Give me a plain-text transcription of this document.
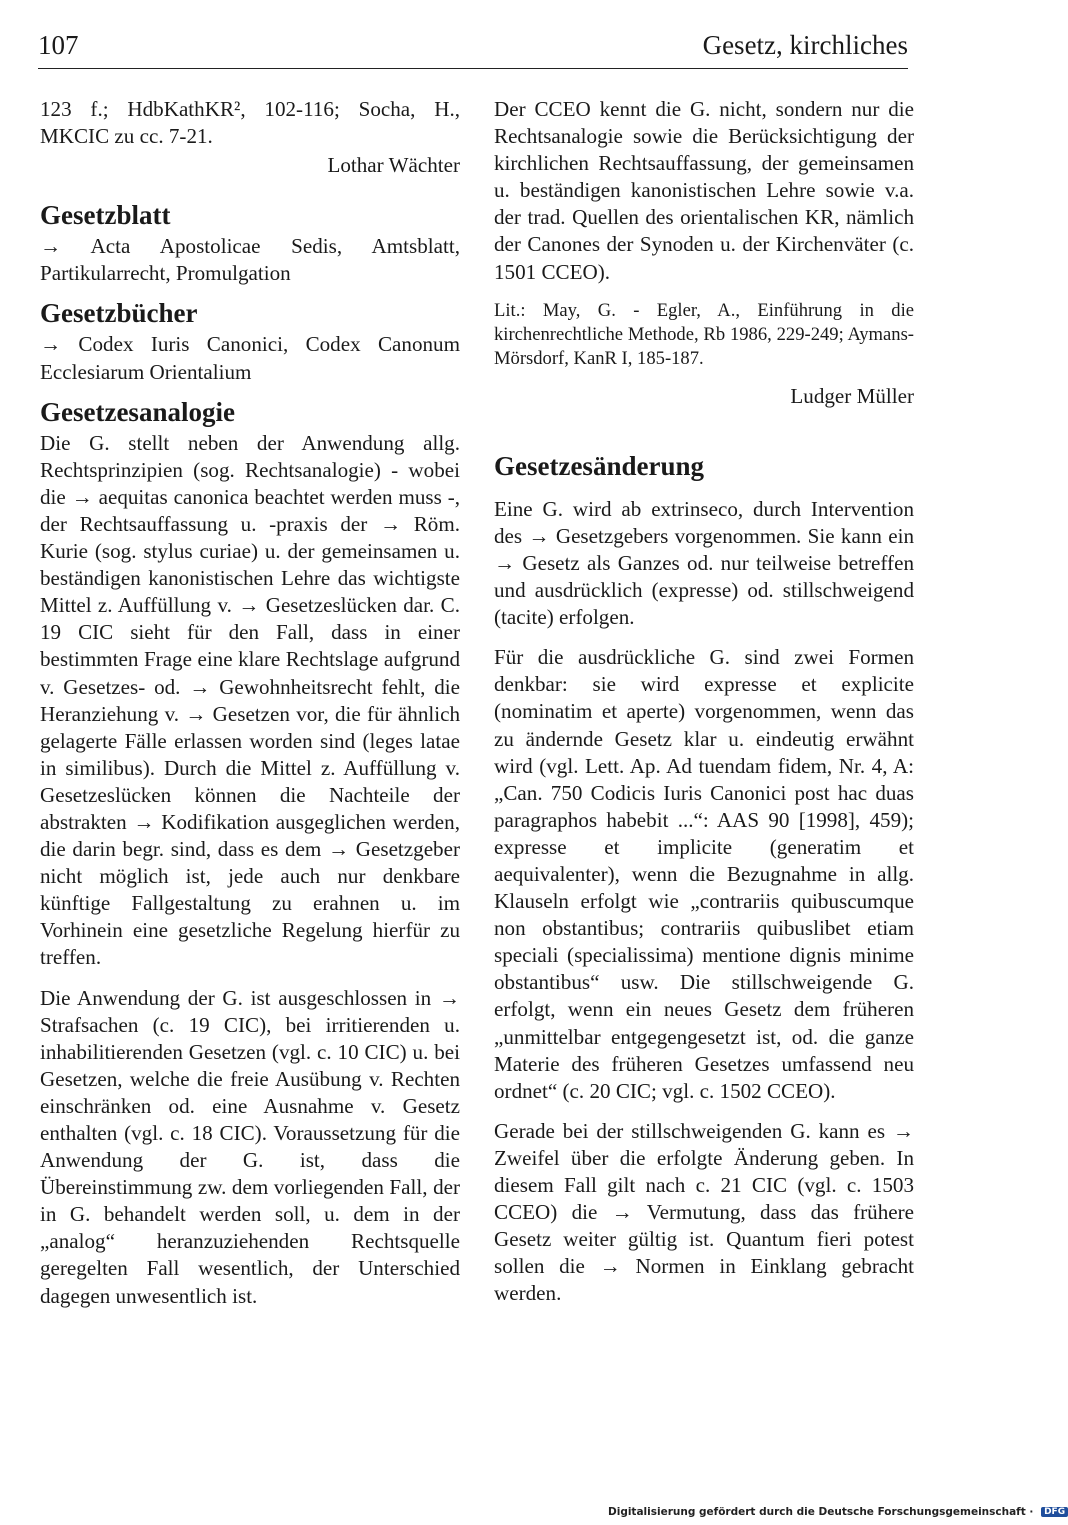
107	Gesetz, kirchliches

123 f.; HdbKathKR², 102-116; Socha, H., MKCIC zu cc. 7-21.

Lothar Wächter

Gesetzblatt

→ Acta Apostolicae Sedis, Amtsblatt, Partikularrecht, Promulgation

Gesetzbücher

→ Codex Iuris Canonici, Codex Canonum Ecclesiarum Orientalium

Gesetzesanalogie

Die G. stellt neben der Anwendung allg. Rechtsprinzipien (sog. Rechtsanalogie) - wobei die → aequitas canonica beachtet werden muss -, der Rechtsauffassung u. -praxis der → Röm. Kurie (sog. stylus curiae) u. der gemeinsamen u. beständigen kanonistischen Lehre das wichtigste Mittel z. Auffüllung v. → Gesetzeslücken dar. C. 19 CIC sieht für den Fall, dass in einer bestimmten Frage eine klare Rechtslage aufgrund v. Gesetzes- od. → Gewohnheitsrecht fehlt, die Heranziehung v. → Gesetzen vor, die für ähnlich gelagerte Fälle erlassen worden sind (leges latae in similibus). Durch die Mittel z. Auffüllung v. Gesetzeslücken können die Nachteile der abstrakten → Kodifikation ausgeglichen werden, die darin begr. sind, dass es dem → Gesetzgeber nicht möglich ist, jede auch nur denkbare künftige Fallgestaltung zu erahnen u. im Vorhinein eine gesetzliche Regelung hierfür zu treffen.

Die Anwendung der G. ist ausgeschlossen in → Strafsachen (c. 19 CIC), bei irritierenden u. inhabilitierenden Gesetzen (vgl. c. 10 CIC) u. bei Gesetzen, welche die freie Ausübung v. Rechten einschränken od. eine Ausnahme v. Gesetz enthalten (vgl. c. 18 CIC). Voraussetzung für die Anwendung der G. ist, dass die Übereinstimmung zw. dem vorliegenden Fall, der in G. behandelt werden soll, u. dem in der „analog“ heranzuziehenden Rechtsquelle geregelten Fall wesentlich, der Unterschied dagegen unwesentlich ist.

Der CCEO kennt die G. nicht, sondern nur die Rechtsanalogie sowie die Berücksichtigung der kirchlichen Rechtsauffassung, der gemeinsamen u. beständigen kanonistischen Lehre sowie v.a. der trad. Quellen des orientalischen KR, nämlich der Canones der Synoden u. der Kirchenväter (c. 1501 CCEO).

Lit.: May, G. - Egler, A., Einführung in die kirchenrechtliche Methode, Rb 1986, 229-249; Aymans-Mörsdorf, KanR I, 185-187.

Ludger Müller

Gesetzesänderung

Eine G. wird ab extrinseco, durch Intervention des → Gesetzgebers vorgenommen. Sie kann ein → Gesetz als Ganzes od. nur teilweise betreffen und ausdrücklich (expresse) od. stillschweigend (tacite) erfolgen.

Für die ausdrückliche G. sind zwei Formen denkbar: sie wird expresse et explicite (nominatim et aperte) vorgenommen, wenn das zu ändernde Gesetz klar u. eindeutig erwähnt wird (vgl. Lett. Ap. Ad tuendam fidem, Nr. 4, A: „Can. 750 Codicis Iuris Canonici post hac duas paragraphos habebit ...“: AAS 90 [1998], 459); expresse et implicite (generatim et aequivalenter), wenn die Bezugnahme in allg. Klauseln erfolgt wie „contrariis quibuscumque non obstantibus; contrariis quibuslibet etiam speciali (specialissima) mentione dignis minime obstantibus“ usw. Die stillschweigende G. erfolgt, wenn ein neues Gesetz dem früheren „unmittelbar entgegengesetzt ist, od. die ganze Materie des früheren Gesetzes umfassend neu ordnet“ (c. 20 CIC; vgl. c. 1502 CCEO).

Gerade bei der stillschweigenden G. kann es → Zweifel über die erfolgte Änderung geben. In diesem Fall gilt nach c. 21 CIC (vgl. c. 1503 CCEO) die → Vermutung, dass das frühere Gesetz weiter gültig ist. Quantum fieri potest sollen die → Normen in Einklang gebracht werden.

Digitalisierung gefördert durch die Deutsche Forschungsgemeinschaft · DFG
